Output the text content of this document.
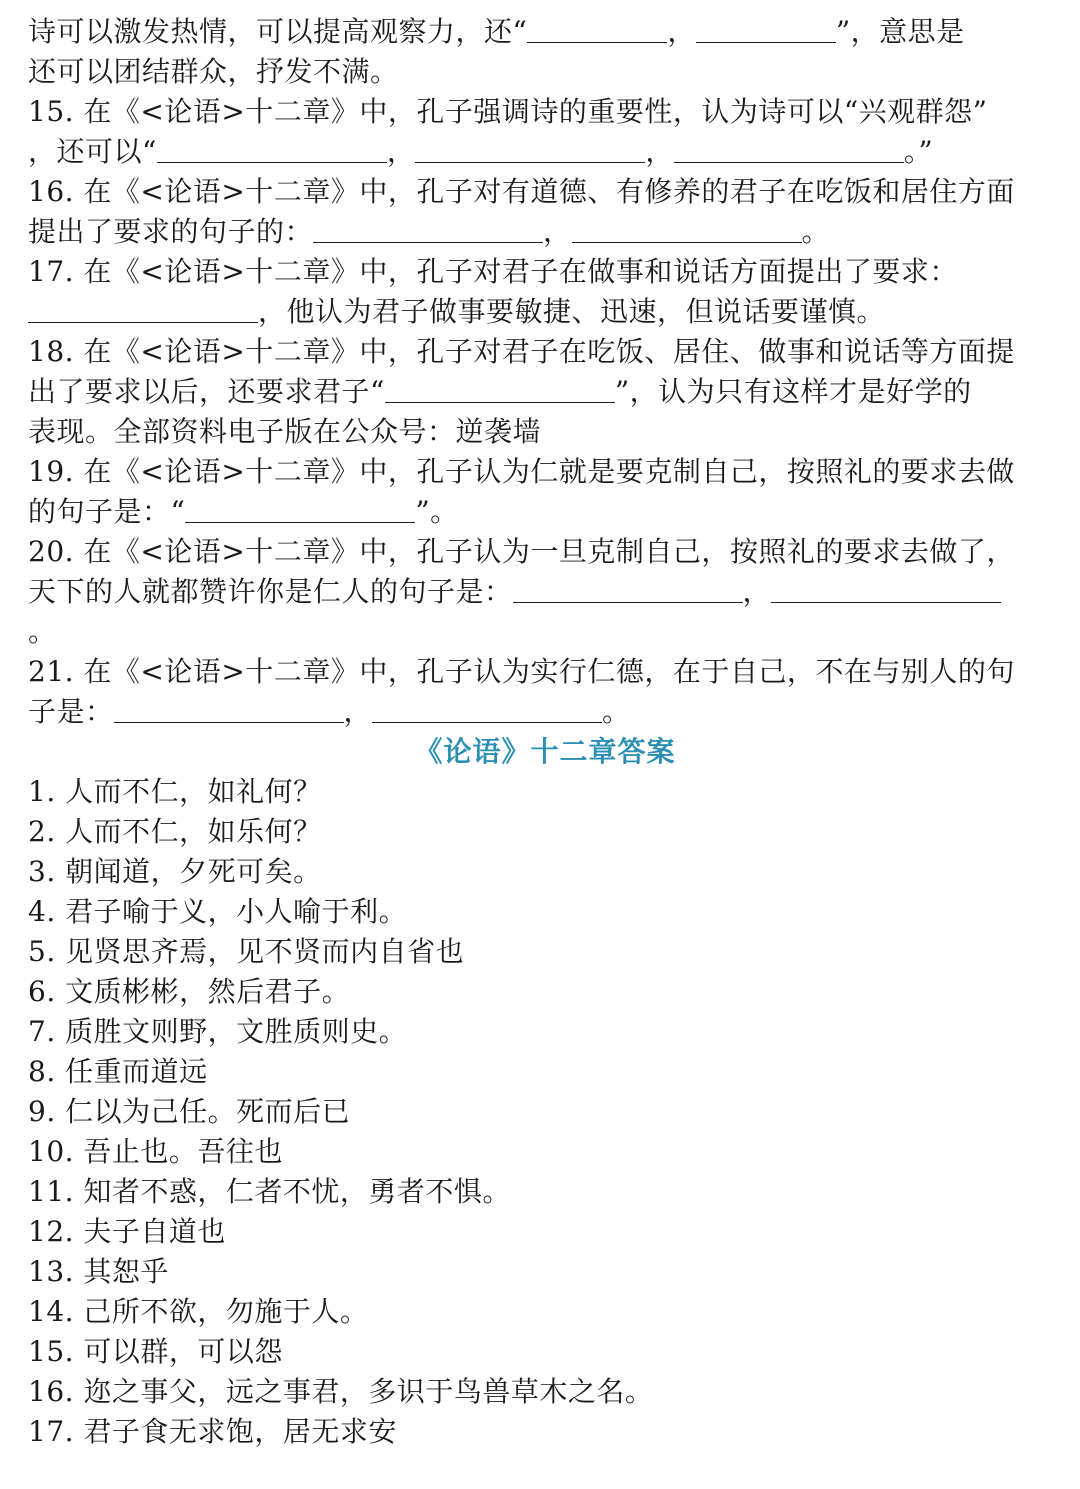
诗可以激发热情，可以提高观察力，还“	，	”，意思是
还可以团结群众，抒发不满。
15. 在《<论语>十二章》中，孔子强调诗的重要性，认为诗可以“兴观群怨”
，还可以“	，	，	。”
16. 在《<论语>十二章》中，孔子对有道德、有修养的君子在吃饭和居住方面
提出了要求的句子的：	，	。
17. 在《<论语>十二章》中，孔子对君子在做事和说话方面提出了要求：
，他认为君子做事要敏捷、迅速，但说话要谨慎。
18. 在《<论语>十二章》中，孔子对君子在吃饭、居住、做事和说话等方面提
出了要求以后，还要求君子“	”，认为只有这样才是好学的
表现。全部资料电子版在公众号：逆袭墙
19. 在《<论语>十二章》中，孔子认为仁就是要克制自己，按照礼的要求去做
的句子是：“	”。
20. 在《<论语>十二章》中，孔子认为一旦克制自己，按照礼的要求去做了，
天下的人就都赞许你是仁人的句子是：	，
。
21. 在《<论语>十二章》中，孔子认为实行仁德，在于自己，不在与别人的句
子是：	，	。
《论语》十二章答案
1. 人而不仁，如礼何？
2. 人而不仁，如乐何？
3. 朝闻道，夕死可矣。
4. 君子喻于义，小人喻于利。
5. 见贤思齐焉，见不贤而内自省也
6. 文质彬彬，然后君子。
7. 质胜文则野，文胜质则史。
8. 任重而道远
9. 仁以为己任。死而后已
10. 吾止也。吾往也
11. 知者不惑，仁者不忧，勇者不惧。
12. 夫子自道也
13. 其恕乎
14. 己所不欲，勿施于人。
15. 可以群，可以怨
16. 迩之事父，远之事君，多识于鸟兽草木之名。
17. 君子食无求饱，居无求安
